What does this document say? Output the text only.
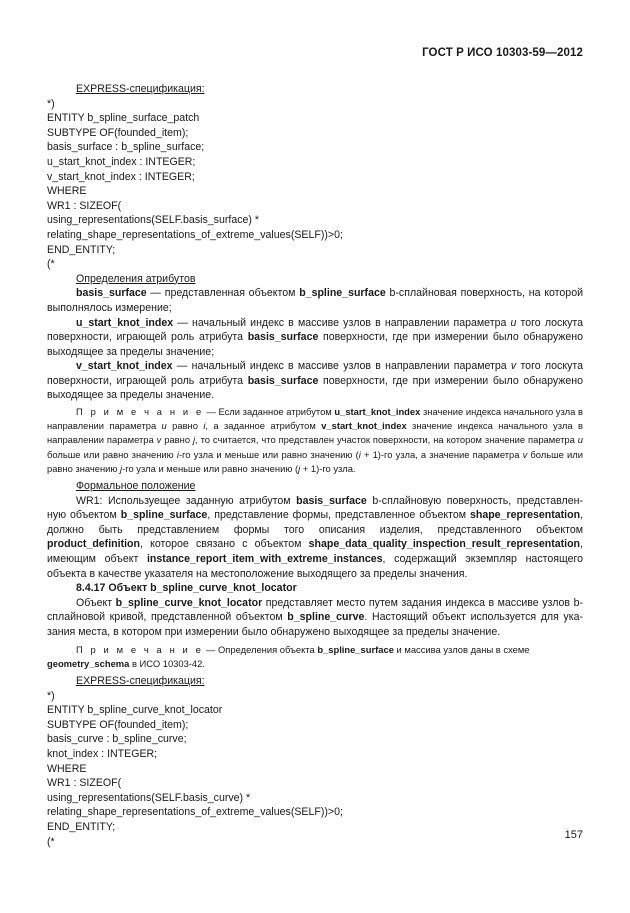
ГОСТ Р ИСО 10303-59—2012
EXPRESS-спецификация:
*)
ENTITY b_spline_surface_patch
SUBTYPE OF(founded_item);
basis_surface : b_spline_surface;
u_start_knot_index : INTEGER;
v_start_knot_index : INTEGER;
WHERE
WR1 : SIZEOF(
using_representations(SELF.basis_surface) *
relating_shape_representations_of_extreme_values(SELF))>0;
END_ENTITY;
(*
Определения атрибутов
basis_surface — представленная объектом b_spline_surface b-сплайновая поверхность, на которой выполнялось измерение;
u_start_knot_index — начальный индекс в массиве узлов в направлении параметра u того лоскута поверхности, играющей роль атрибута basis_surface поверхности, где при измерении было обнаружено выходящее за пределы значение;
v_start_knot_index — начальный индекс в массиве узлов в направлении параметра v того лоскута поверхности, играющей роль атрибута basis_surface поверхности, где при измерении было обнаружено выходящее за пределы значение.
П р и м е ч а н и е — Если заданное атрибутом u_start_knot_index значение индекса начального узла в направлении параметра u равно i, а заданное атрибутом v_start_knot_index значение индекса начального узла в направлении параметра v равно j, то считается, что представлен участок поверхности, на котором значение параметра u больше или равно значению i-го узла и меньше или равно значению (i + 1)-го узла, а значение параметра v больше или равно значению j-го узла и меньше или равно значению (j + 1)-го узла.
Формальное положение
WR1: Используещее заданную атрибутом basis_surface b-сплайновую поверхность, представлен-ную объектом b_spline_surface, представление формы, представленное объектом shape_representation, должно быть представлением формы того описания изделия, представленного объектом product_definition, которое связано с объектом shape_data_quality_inspection_result_representation, имеющим объект instance_report_item_with_extreme_instances, содержащий экземпляр настоящего объекта в качестве указателя на местоположение выходящего за пределы значения.
8.4.17 Объект b_spline_curve_knot_locator
Объект b_spline_curve_knot_locator представляет место путем задания индекса в массиве узлов b-сплайновой кривой, представленной объектом b_spline_curve. Настоящий объект используется для ука-зания места, в котором при измерении было обнаружено выходящее за пределы значение.
П р и м е ч а н и е — Определения объекта b_spline_surface и массива узлов даны в схеме geometry_schema в ИСО 10303-42.
EXPRESS-спецификация:
*)
ENTITY b_spline_curve_knot_locator
SUBTYPE OF(founded_item);
basis_curve : b_spline_curve;
knot_index : INTEGER;
WHERE
WR1 : SIZEOF(
using_representations(SELF.basis_curve) *
relating_shape_representations_of_extreme_values(SELF))>0;
END_ENTITY;
(*
157
